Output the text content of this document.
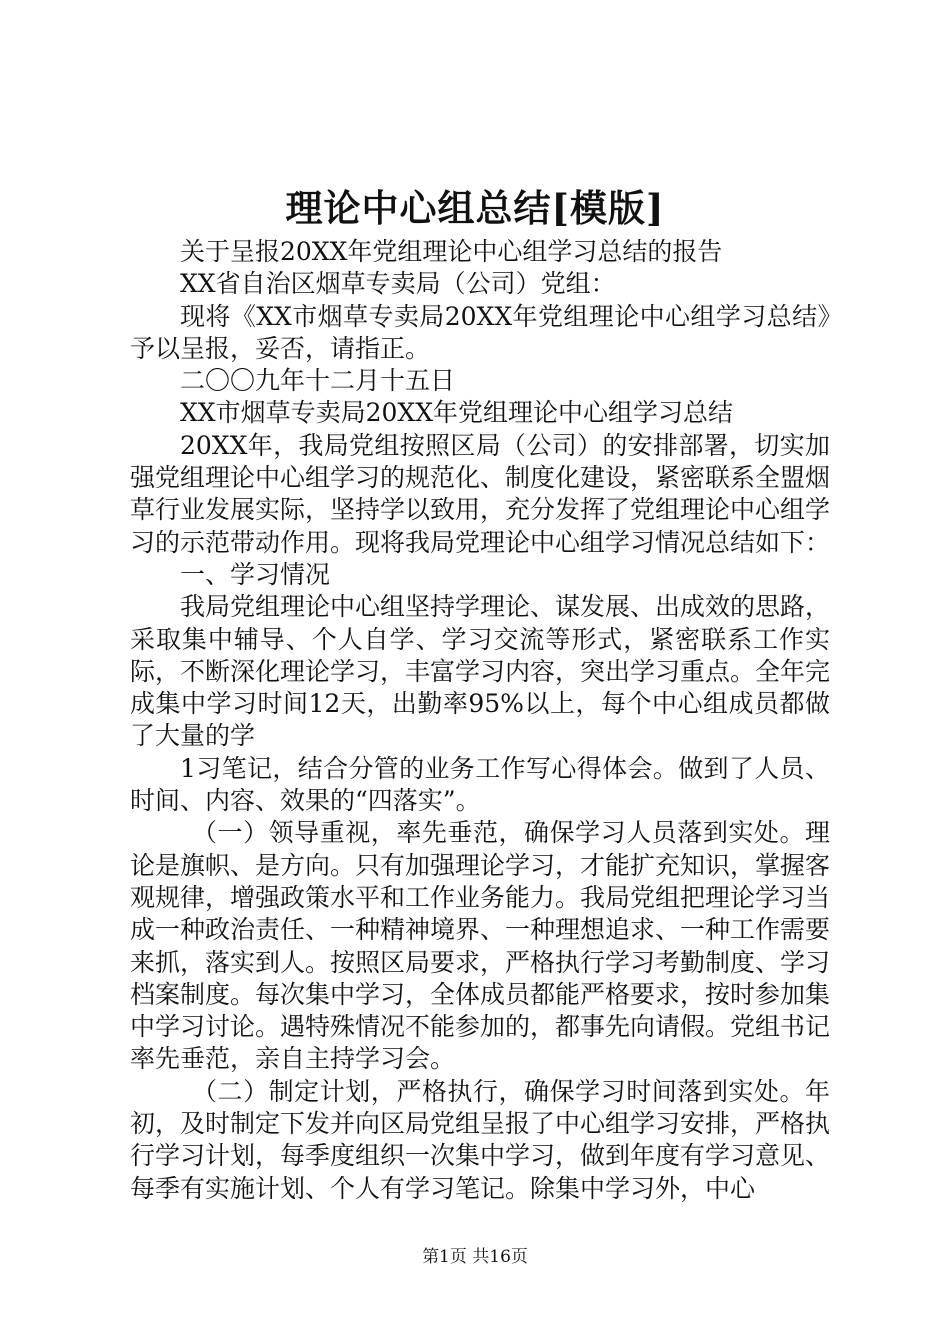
理论中心组总结[模版]

关于呈报20XX年党组理论中心组学习总结的报告

XX省自治区烟草专卖局（公司）党组：

现将《XX市烟草专卖局20XX年党组理论中心组学习总结》予以呈报，妥否，请指正。

二〇〇九年十二月十五日

XX市烟草专卖局20XX年党组理论中心组学习总结

20XX年，我局党组按照区局（公司）的安排部署，切实加强党组理论中心组学习的规范化、制度化建设，紧密联系全盟烟草行业发展实际，坚持学以致用，充分发挥了党组理论中心组学习的示范带动作用。现将我局党理论中心组学习情况总结如下：

一、学习情况

我局党组理论中心组坚持学理论、谋发展、出成效的思路，采取集中辅导、个人自学、学习交流等形式，紧密联系工作实际，不断深化理论学习，丰富学习内容，突出学习重点。全年完成集中学习时间12天，出勤率95%以上，每个中心组成员都做了大量的学

1习笔记，结合分管的业务工作写心得体会。做到了人员、时间、内容、效果的“四落实”。

（一）领导重视，率先垂范，确保学习人员落到实处。理论是旗帜、是方向。只有加强理论学习，才能扩充知识，掌握客观规律，增强政策水平和工作业务能力。我局党组把理论学习当成一种政治责任、一种精神境界、一种理想追求、一种工作需要来抓，落实到人。按照区局要求，严格执行学习考勤制度、学习档案制度。每次集中学习，全体成员都能严格要求，按时参加集中学习讨论。遇特殊情况不能参加的，都事先向请假。党组书记率先垂范，亲自主持学习会。

（二）制定计划，严格执行，确保学习时间落到实处。年初，及时制定下发并向区局党组呈报了中心组学习安排，严格执行学习计划，每季度组织一次集中学习，做到年度有学习意见、每季有实施计划、个人有学习笔记。除集中学习外，中心

第1页 共16页
